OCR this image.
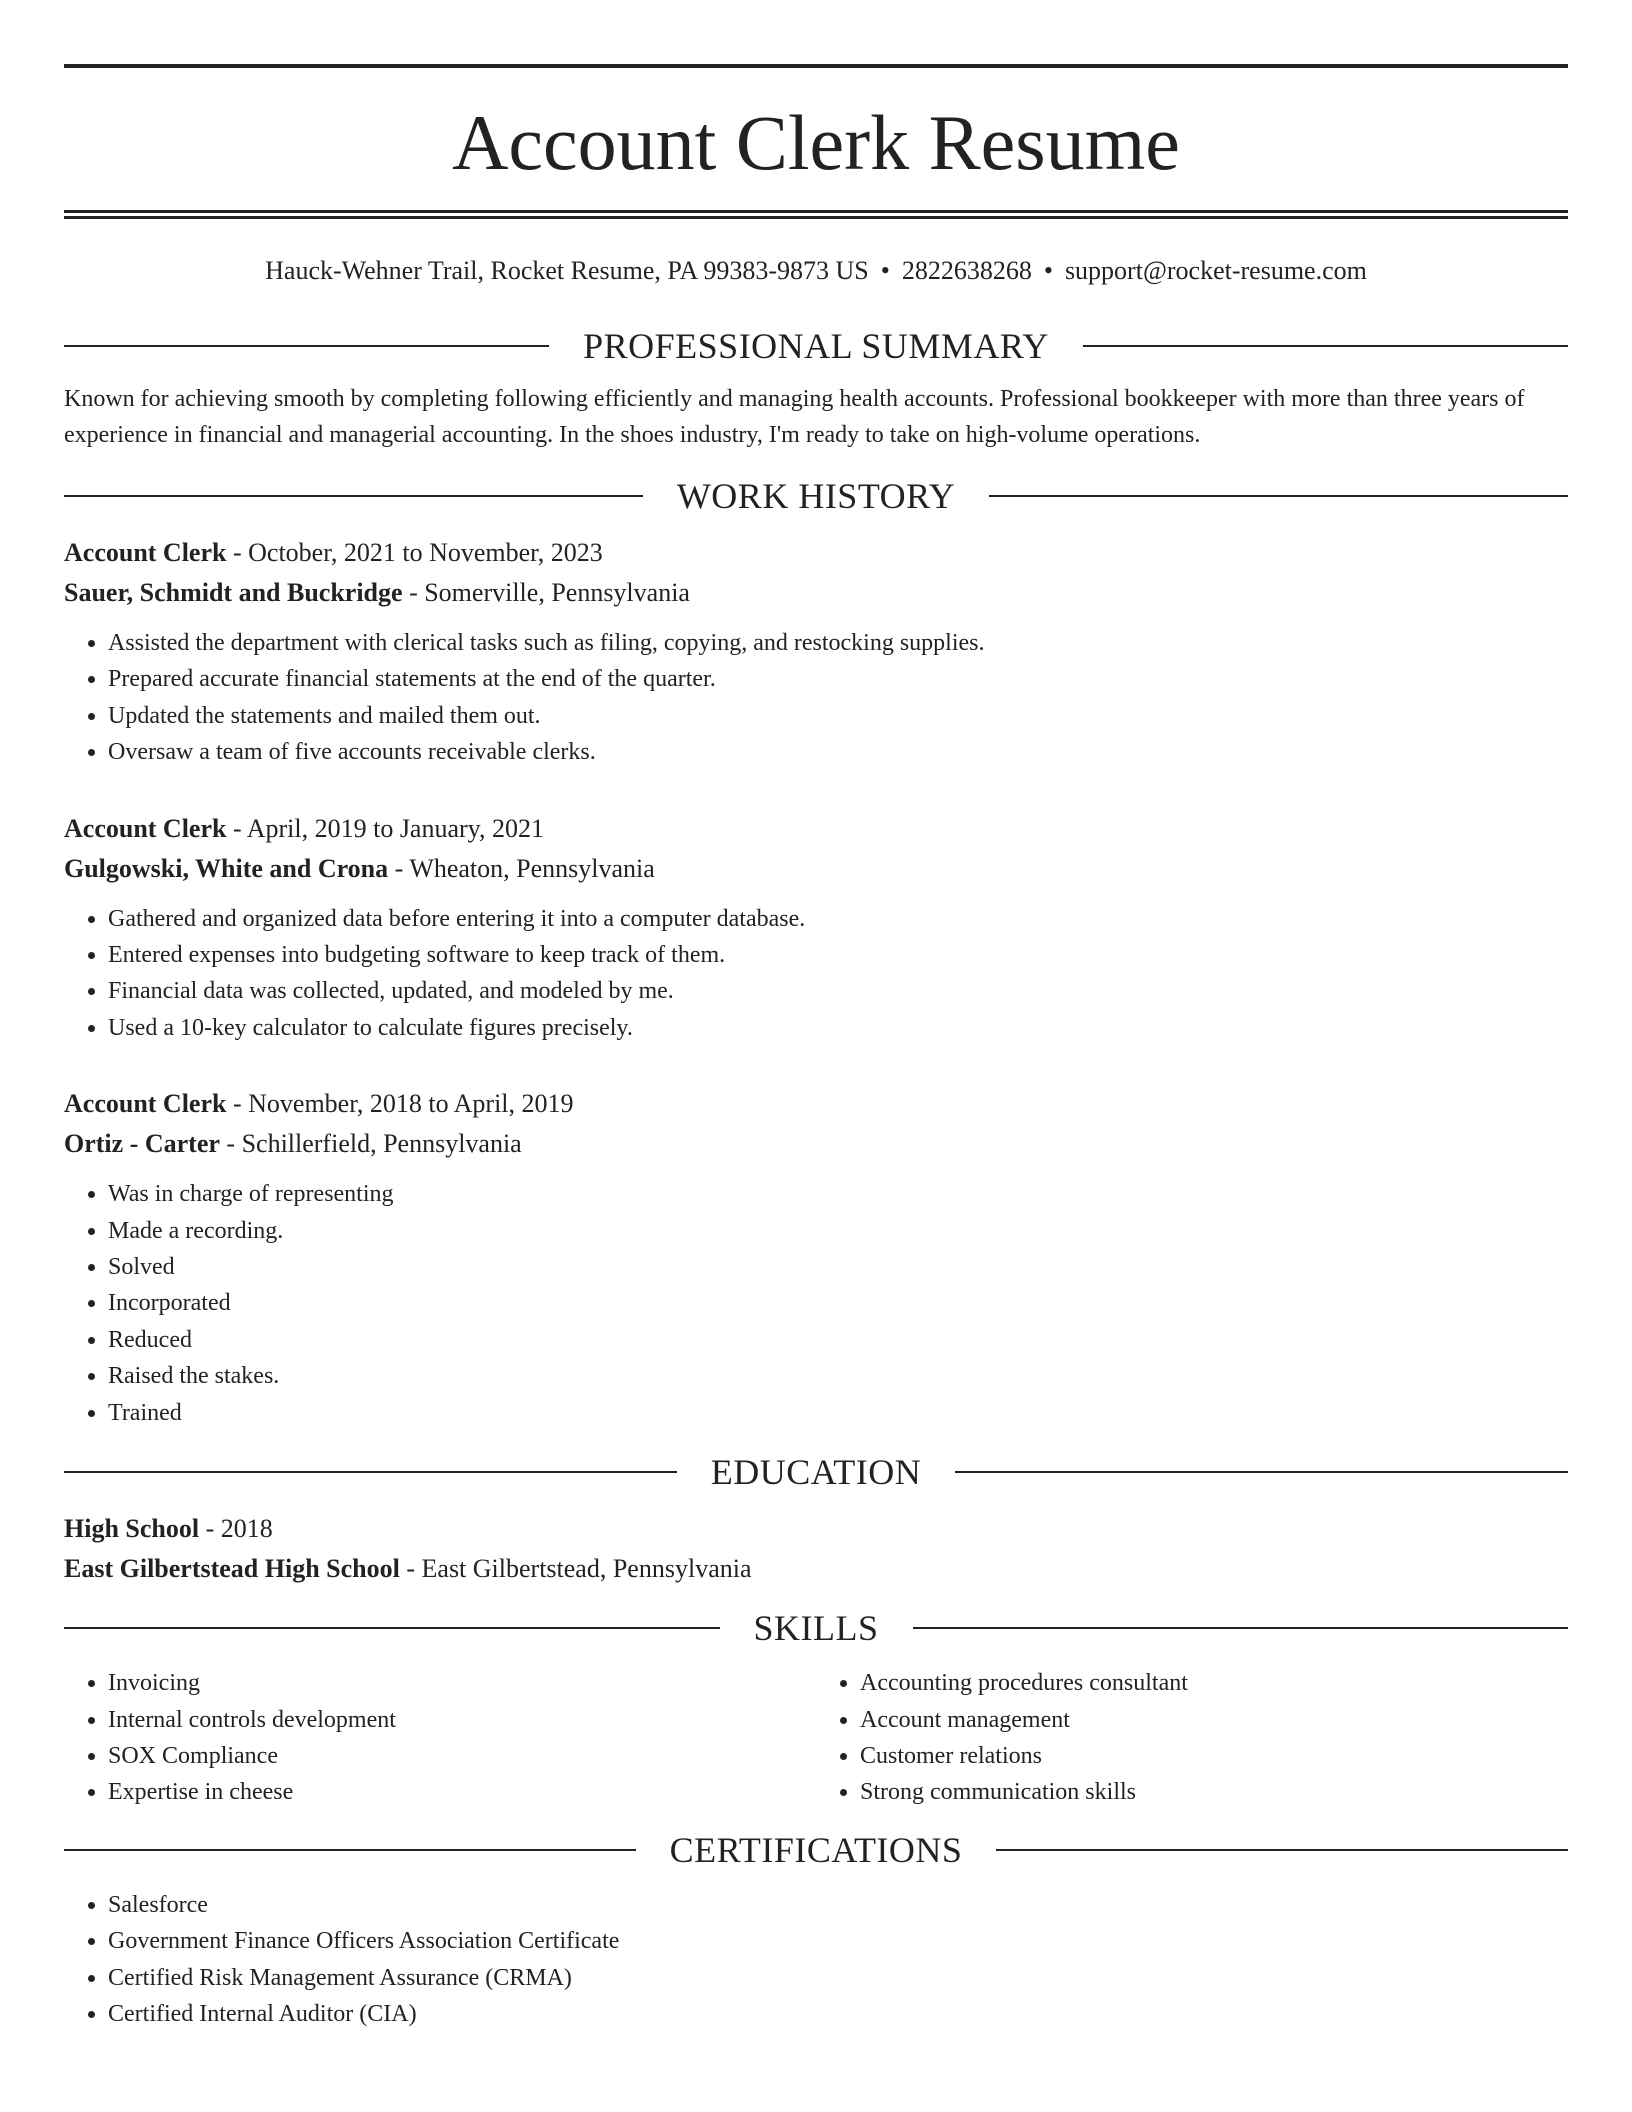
Account Clerk Resume
Hauck-Wehner Trail, Rocket Resume, PA 99383-9873 US • 2822638268 • support@rocket-resume.com
PROFESSIONAL SUMMARY

Known for achieving smooth by completing following efficiently and managing health accounts. Professional bookkeeper with more than three years of experience in financial and managerial accounting. In the shoes industry, I'm ready to take on high-volume operations.

WORK HISTORY
Account Clerk - October, 2021 to November, 2023
Sauer, Schmidt and Buckridge - Somerville, Pennsylvania
• Assisted the department with clerical tasks such as filing, copying, and restocking supplies.
• Prepared accurate financial statements at the end of the quarter.
• Updated the statements and mailed them out.
• Oversaw a team of five accounts receivable clerks.
Account Clerk - April, 2019 to January, 2021
Gulgowski, White and Crona - Wheaton, Pennsylvania
• Gathered and organized data before entering it into a computer database.
• Entered expenses into budgeting software to keep track of them.
• Financial data was collected, updated, and modeled by me.
• Used a 10-key calculator to calculate figures precisely.
Account Clerk - November, 2018 to April, 2019
Ortiz - Carter - Schillerfield, Pennsylvania
• Was in charge of representing
• Made a recording.
• Solved
• Incorporated
• Reduced
• Raised the stakes.
• Trained
EDUCATION
High School - 2018
East Gilbertstead High School - East Gilbertstead, Pennsylvania
SKILLS
• Invoicing
• Internal controls development
• SOX Compliance
• Expertise in cheese
• Accounting procedures consultant
• Account management
• Customer relations
• Strong communication skills
CERTIFICATIONS
• Salesforce
• Government Finance Officers Association Certificate
• Certified Risk Management Assurance (CRMA)
• Certified Internal Auditor (CIA)
